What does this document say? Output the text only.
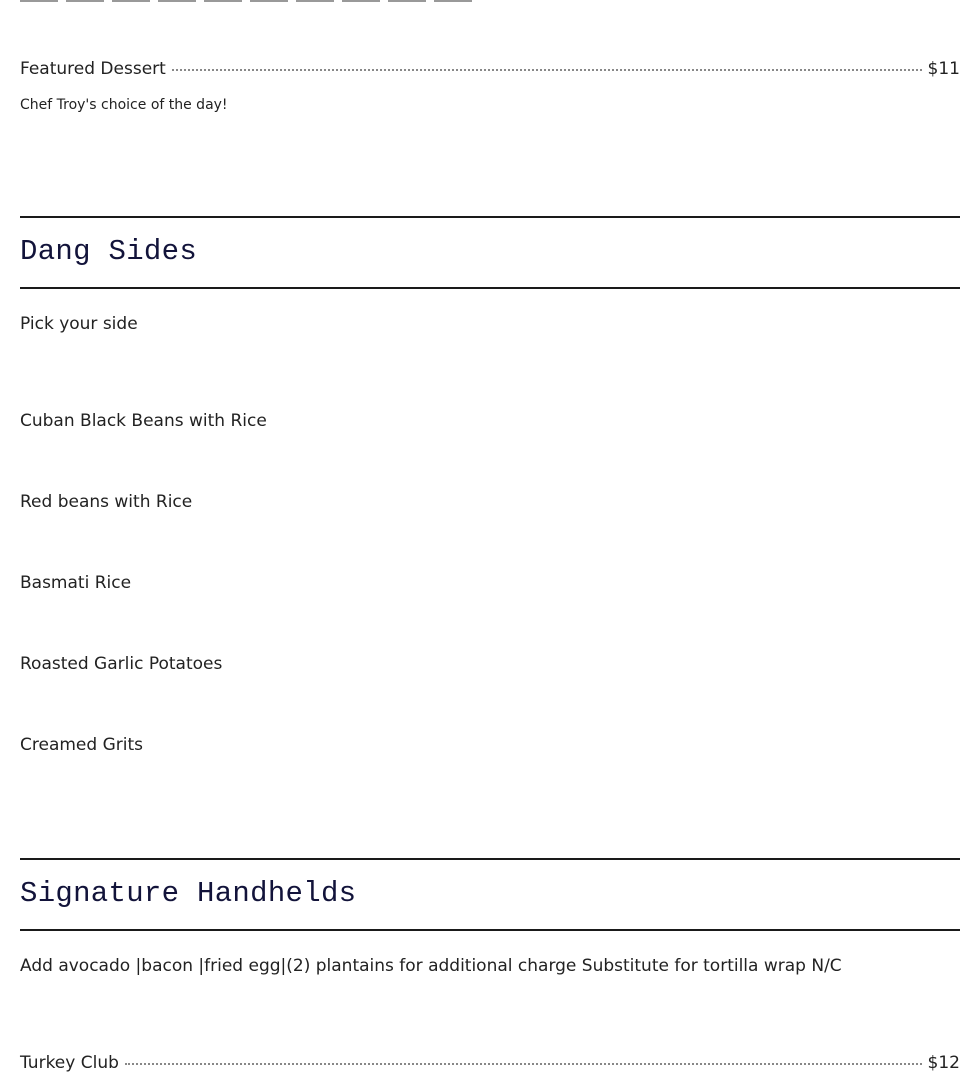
Featured Dessert	$11
Chef Troy's choice of the day!
Dang Sides
Pick your side
Cuban Black Beans with Rice
Red beans with Rice
Basmati Rice
Roasted Garlic Potatoes
Creamed Grits
Signature Handhelds
Add avocado |bacon |fried egg|(2) plantains for additional charge Substitute for tortilla wrap N/C
Turkey Club	$12
